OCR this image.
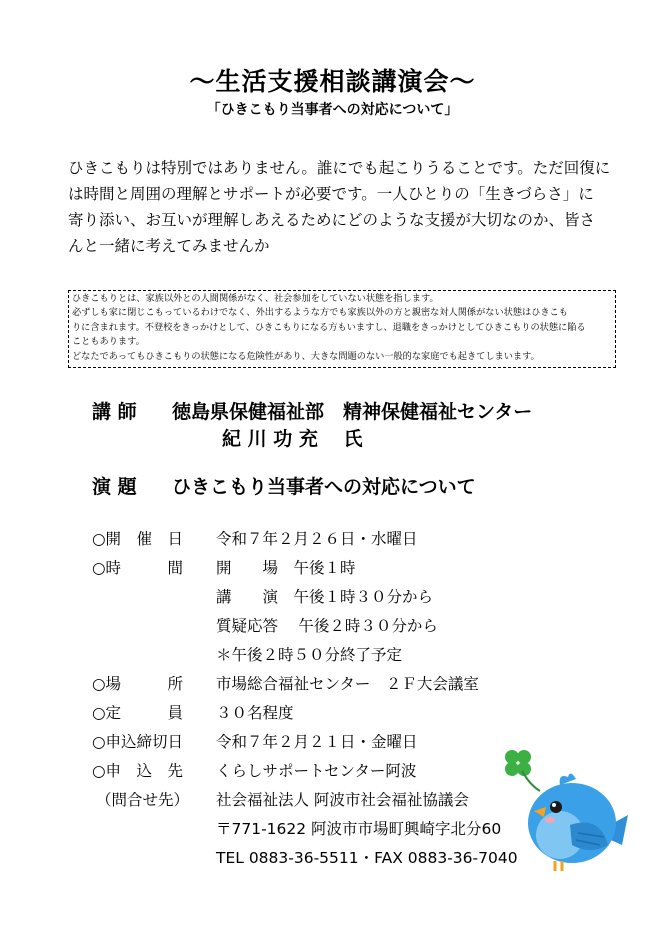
～生活支援相談講演会～
「ひきこもり当事者への対応について」
ひきこもりは特別ではありません。誰にでも起こりうることです。ただ回復に
は時間と周囲の理解とサポートが必要です。一人ひとりの「生きづらさ」に
寄り添い、お互いが理解しあえるためにどのような支援が大切なのか、皆さ
んと一緒に考えてみませんか
ひきこもりとは、家族以外との人間関係がなく、社会参加をしていない状態を指します。
必ずしも家に閉じこもっているわけでなく、外出するような方でも家族以外の方と親密な対人関係がない状態はひきこも
りに含まれます。不登校をきっかけとして、ひきこもりになる方もいますし、退職をきっかけとしてひきこもりの状態に陥る
こともあります。
どなたであってもひきこもりの状態になる危険性があり、大きな問題のない一般的な家庭でも起きてしまいます。
講 師 徳島県保健福祉部　精神保健福祉センター
紀 川 功 充　 氏
演 題 ひきこもり当事者への対応について
○開　催　日 令和７年２月２６日・水曜日
○時　　　間 開　　場　午後１時
講　　演　午後１時３０分から
質疑応答　 午後２時３０分から
＊午後２時５０分終了予定
○場　　　所 市場総合福祉センター　２Ｆ大会議室
○定　　　員 ３０名程度
○申込締切日 令和７年２月２１日・金曜日
○申　込　先 くらしサポートセンター阿波
（問合せ先） 社会福祉法人 阿波市社会福祉協議会
〒771-1622 阿波市市場町興崎字北分60
TEL 0883-36-5511・FAX 0883-36-7040
